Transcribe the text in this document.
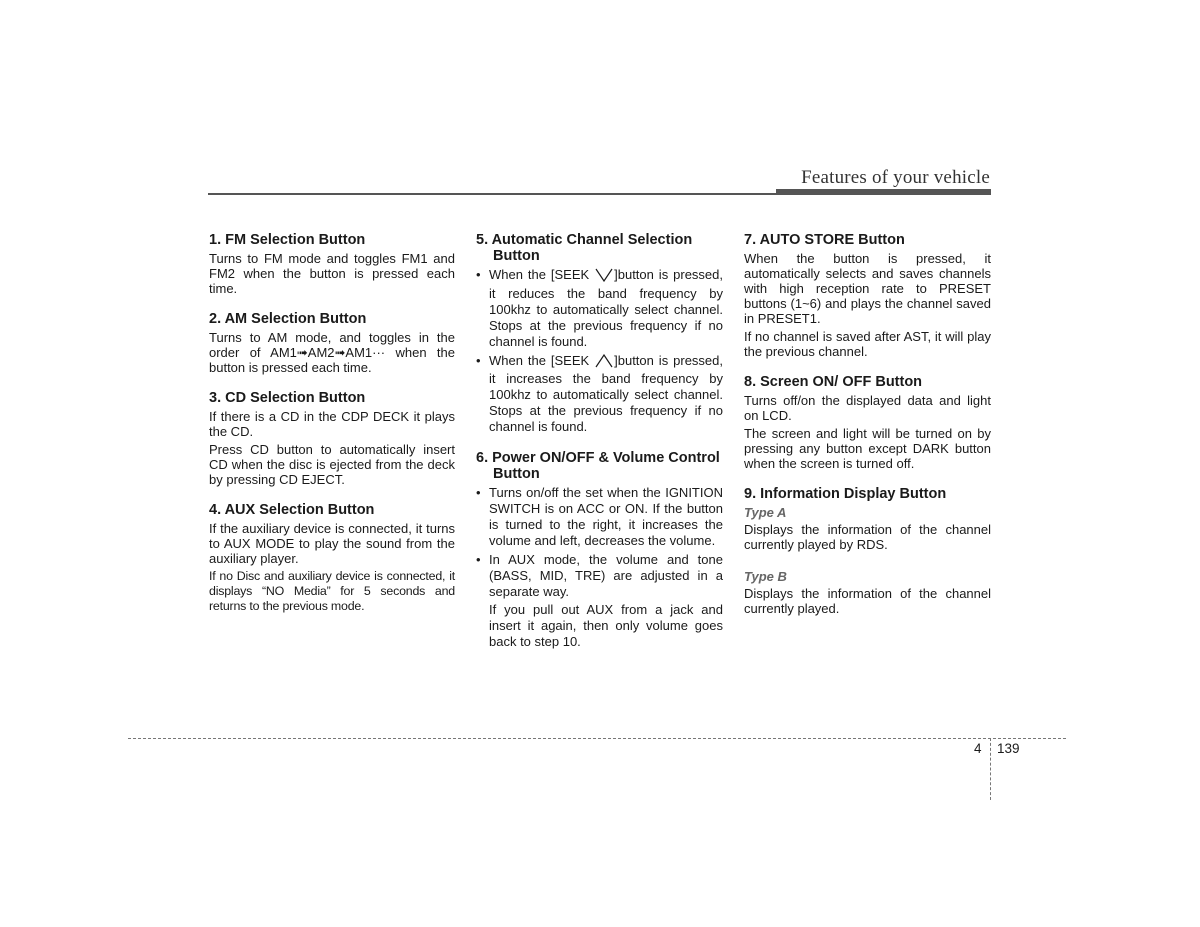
Features of your vehicle
1. FM Selection Button

Turns to FM mode and toggles FM1 and FM2 when the button is pressed each time.

2. AM Selection Button

Turns to AM mode, and toggles in the order of AM1➟AM2➟AM1··· when the button is pressed each time.

3. CD Selection Button

If there is a CD in the CDP DECK it plays the CD.

Press CD button to automatically insert CD when the disc is ejected from the deck by pressing CD EJECT.

4. AUX Selection Button

If the auxiliary device is connected, it turns to AUX MODE to play the sound from the auxiliary player.

If no Disc and auxiliary device is connected, it displays “NO Media” for 5 seconds and returns to the previous mode.

5. Automatic Channel Selection Button
• When the [SEEK ]button is pressed, it reduces the band frequency by 100khz to automatically select channel. Stops at the previous frequency if no channel is found.
• When the [SEEK ]button is pressed, it increases the band frequency by 100khz to automatically select channel. Stops at the previous frequency if no channel is found.
6. Power ON/OFF & Volume Control Button

• Turns on/off the set when the IGNITION SWITCH is on ACC or ON. If the button is turned to the right, it increases the volume and left, decreases the volume.

• In AUX mode, the volume and tone (BASS, MID, TRE) are adjusted in a separate way.

If you pull out AUX from a jack and insert it again, then only volume goes back to step 10.

7. AUTO STORE Button

When the button is pressed, it automatically selects and saves channels with high reception rate to PRESET buttons (1~6) and plays the channel saved in PRESET1.

If no channel is saved after AST, it will play the previous channel.

8. Screen ON/ OFF Button

Turns off/on the displayed data and light on LCD.

The screen and light will be turned on by pressing any button except DARK button when the screen is turned off.

9. Information Display Button
Type A

Displays the information of the channel currently played by RDS.

Type B

Displays the information of the channel currently played.

4 139
